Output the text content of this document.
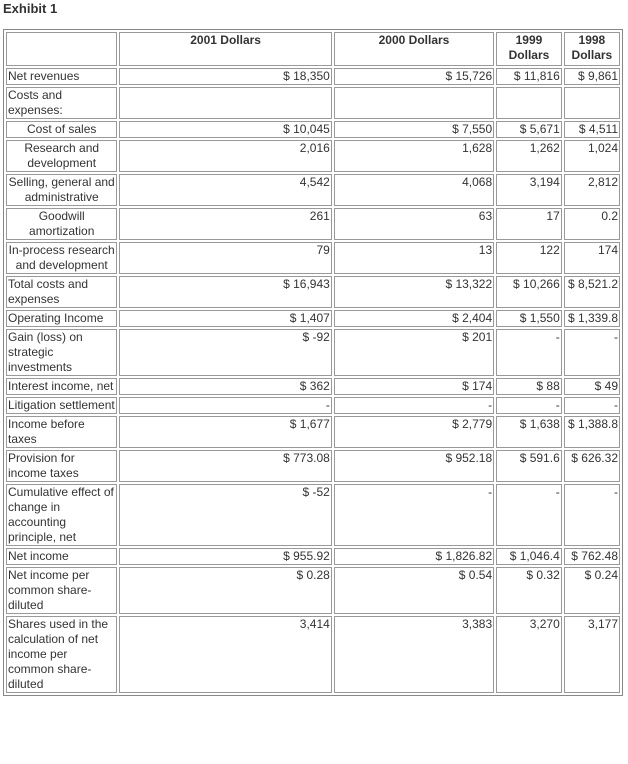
Exhibit 1
	2001 Dollars	2000 Dollars	1999 Dollars	1998 Dollars
Net revenues	$ 18,350	$ 15,726	$ 11,816	$ 9,861
Costs and expenses:				
Cost of sales	$ 10,045	$ 7,550	$ 5,671	$ 4,511
Research and development	2,016	1,628	1,262	1,024
Selling, general and administrative	4,542	4,068	3,194	2,812
Goodwill amortization	261	63	17	0.2
In-process research and development	79	13	122	174
Total costs and expenses	$ 16,943	$ 13,322	$ 10,266	$ 8,521.2
Operating Income	$ 1,407	$ 2,404	$ 1,550	$ 1,339.8
Gain (loss) on strategic investments	$ -92	$ 201	-	-
Interest income, net	$ 362	$ 174	$ 88	$ 49
Litigation settlement	-	-	-	-
Income before taxes	$ 1,677	$ 2,779	$ 1,638	$ 1,388.8
Provision for income taxes	$ 773.08	$ 952.18	$ 591.6	$ 626.32
Cumulative effect of change in accounting principle, net	$ -52	-	-	-
Net income	$ 955.92	$ 1,826.82	$ 1,046.4	$ 762.48
Net income per common share-diluted	$ 0.28	$ 0.54	$ 0.32	$ 0.24
Shares used in the calculation of net income per common share-diluted	3,414	3,383	3,270	3,177
